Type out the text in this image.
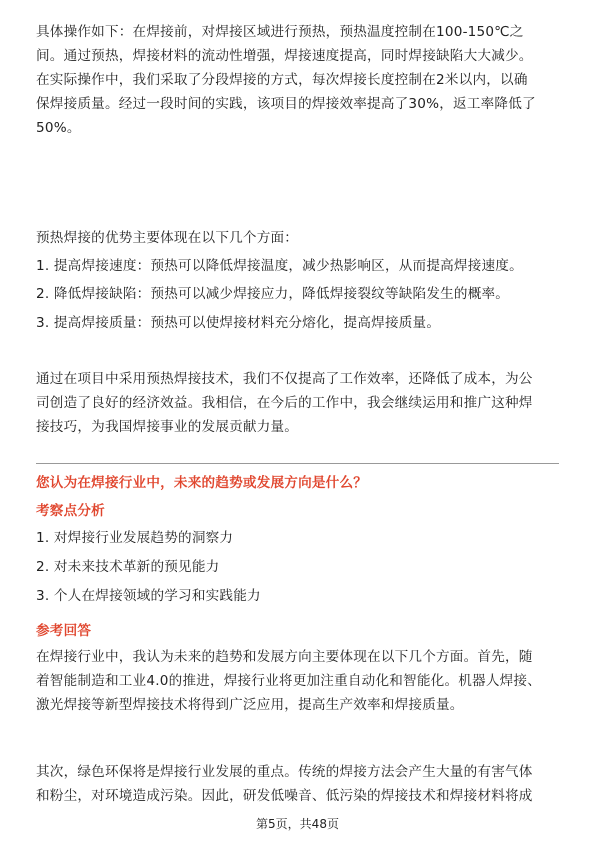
具体操作如下：在焊接前，对焊接区域进行预热，预热温度控制在100-150℃之
间。通过预热，焊接材料的流动性增强，焊接速度提高，同时焊接缺陷大大减少。
在实际操作中，我们采取了分段焊接的方式，每次焊接长度控制在2米以内，以确
保焊接质量。经过一段时间的实践，该项目的焊接效率提高了30%，返工率降低了
50%。

预热焊接的优势主要体现在以下几个方面：
1. 提高焊接速度：预热可以降低焊接温度，减少热影响区，从而提高焊接速度。
2. 降低焊接缺陷：预热可以减少焊接应力，降低焊接裂纹等缺陷发生的概率。
3. 提高焊接质量：预热可以使焊接材料充分熔化，提高焊接质量。

通过在项目中采用预热焊接技术，我们不仅提高了工作效率，还降低了成本，为公
司创造了良好的经济效益。我相信，在今后的工作中，我会继续运用和推广这种焊
接技巧，为我国焊接事业的发展贡献力量。

您认为在焊接行业中，未来的趋势或发展方向是什么？
考察点分析
1. 对焊接行业发展趋势的洞察力
2. 对未来技术革新的预见能力
3. 个人在焊接领域的学习和实践能力
参考回答

在焊接行业中，我认为未来的趋势和发展方向主要体现在以下几个方面。首先，随
着智能制造和工业4.0的推进，焊接行业将更加注重自动化和智能化。机器人焊接、
激光焊接等新型焊接技术将得到广泛应用，提高生产效率和焊接质量。

其次，绿色环保将是焊接行业发展的重点。传统的焊接方法会产生大量的有害气体
和粉尘，对环境造成污染。因此，研发低噪音、低污染的焊接技术和焊接材料将成

第5页，共48页
